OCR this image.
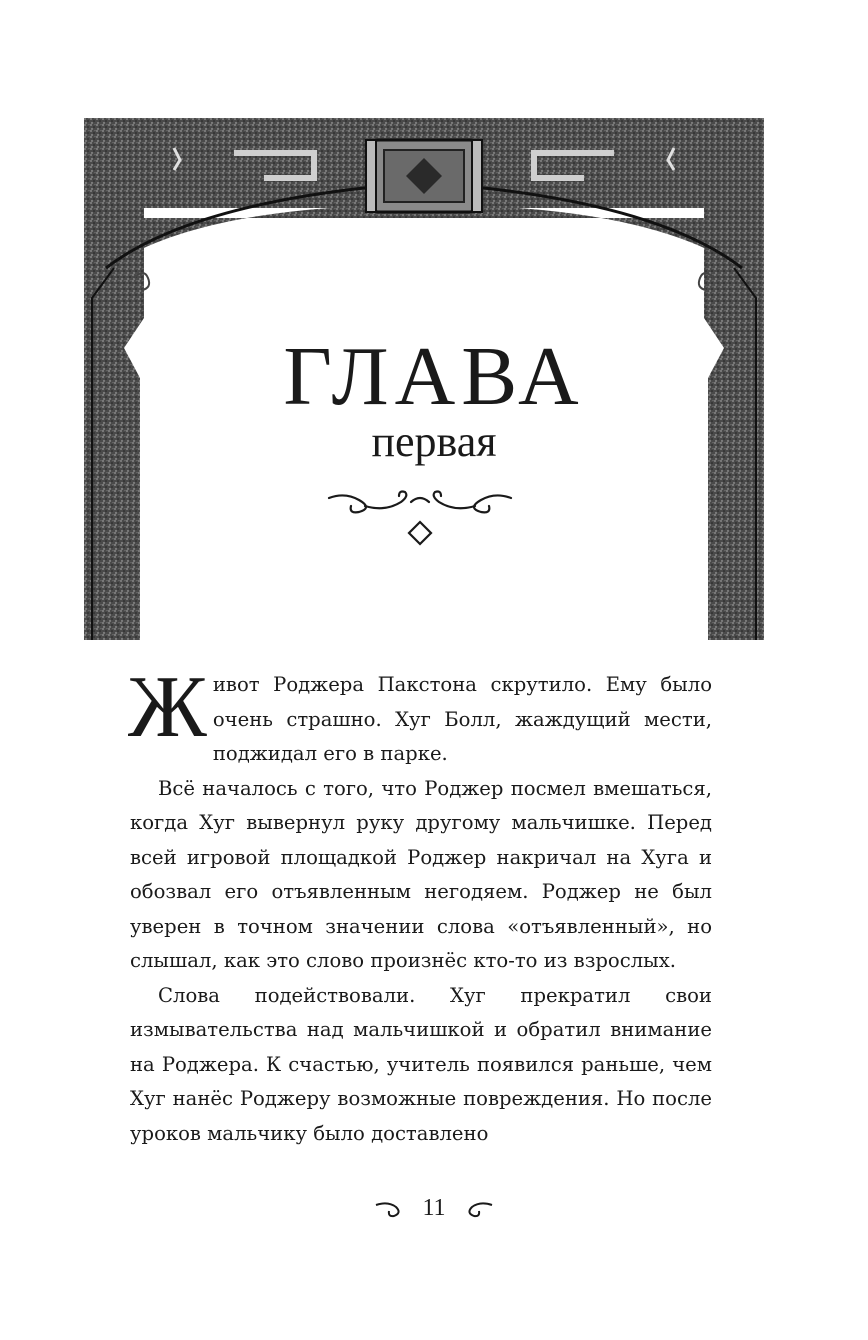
ГЛАВА
первая

Живот Роджера Пакстона скрутило. Ему было очень страшно. Хуг Болл, жаждущий мести, поджидал его в парке.

Всё началось с того, что Роджер посмел вмешаться, когда Хуг вывернул руку другому мальчишке. Перед всей игровой площадкой Роджер накричал на Хуга и обозвал его отъявленным негодяем. Роджер не был уверен в точном значении слова «отъявленный», но слышал, как это слово произнёс кто-то из взрослых.

Слова подействовали. Хуг прекратил свои измывательства над мальчишкой и обратил внимание на Роджера. К счастью, учитель появился раньше, чем Хуг нанёс Роджеру возможные повреждения. Но после уроков мальчику было доставлено

11
